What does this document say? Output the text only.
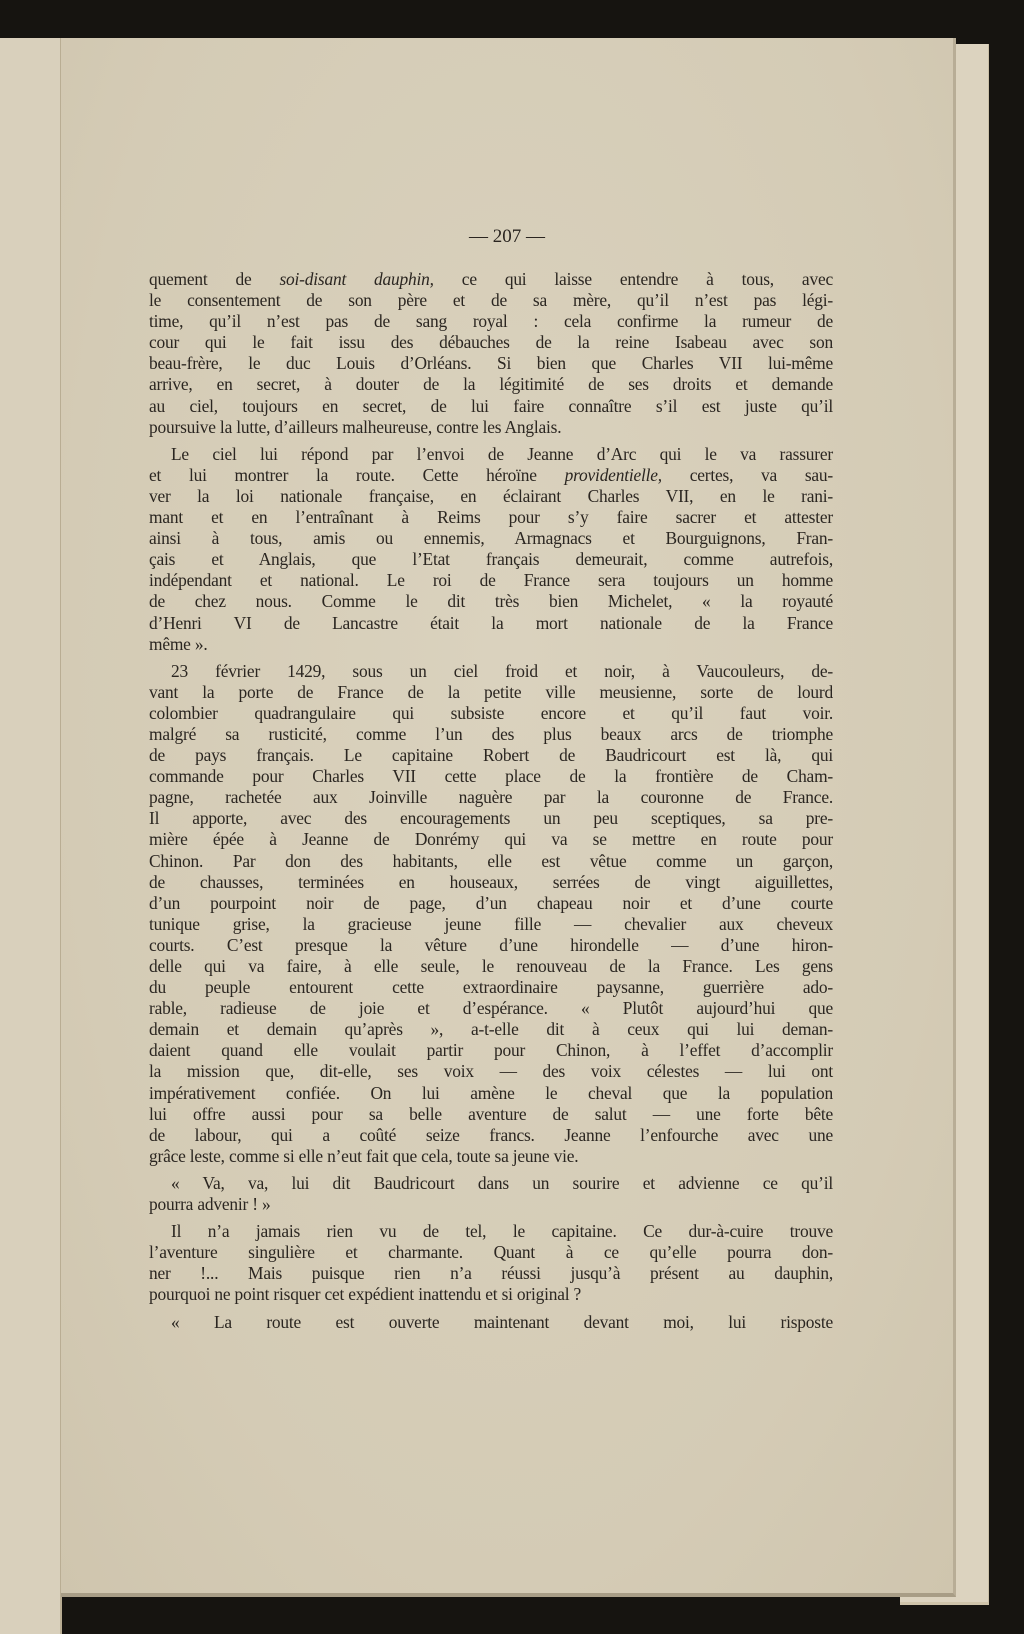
— 207 —
quement de soi-disant dauphin, ce qui laisse entendre à tous, avec
le consentement de son père et de sa mère, qu’il n’est pas légi-
time, qu’il n’est pas de sang royal : cela confirme la rumeur de
cour qui le fait issu des débauches de la reine Isabeau avec son
beau-frère, le duc Louis d’Orléans. Si bien que Charles VII lui-même
arrive, en secret, à douter de la légitimité de ses droits et demande
au ciel, toujours en secret, de lui faire connaître s’il est juste qu’il
poursuive la lutte, d’ailleurs malheureuse, contre les Anglais.
Le ciel lui répond par l’envoi de Jeanne d’Arc qui le va rassurer
et lui montrer la route. Cette héroïne providentielle, certes, va sau-
ver la loi nationale française, en éclairant Charles VII, en le rani-
mant et en l’entraînant à Reims pour s’y faire sacrer et attester
ainsi à tous, amis ou ennemis, Armagnacs et Bourguignons, Fran-
çais et Anglais, que l’Etat français demeurait, comme autrefois,
indépendant et national. Le roi de France sera toujours un homme
de chez nous. Comme le dit très bien Michelet, « la royauté
d’Henri VI de Lancastre était la mort nationale de la France
même ».
23 février 1429, sous un ciel froid et noir, à Vaucouleurs, de-
vant la porte de France de la petite ville meusienne, sorte de lourd
colombier quadrangulaire qui subsiste encore et qu’il faut voir.
malgré sa rusticité, comme l’un des plus beaux arcs de triomphe
de pays français. Le capitaine Robert de Baudricourt est là, qui
commande pour Charles VII cette place de la frontière de Cham-
pagne, rachetée aux Joinville naguère par la couronne de France.
Il apporte, avec des encouragements un peu sceptiques, sa pre-
mière épée à Jeanne de Donrémy qui va se mettre en route pour
Chinon. Par don des habitants, elle est vêtue comme un garçon,
de chausses, terminées en houseaux, serrées de vingt aiguillettes,
d’un pourpoint noir de page, d’un chapeau noir et d’une courte
tunique grise, la gracieuse jeune fille — chevalier aux cheveux
courts. C’est presque la vêture d’une hirondelle — d’une hiron-
delle qui va faire, à elle seule, le renouveau de la France. Les gens
du peuple entourent cette extraordinaire paysanne, guerrière ado-
rable, radieuse de joie et d’espérance. « Plutôt aujourd’hui que
demain et demain qu’après », a-t-elle dit à ceux qui lui deman-
daient quand elle voulait partir pour Chinon, à l’effet d’accomplir
la mission que, dit-elle, ses voix — des voix célestes — lui ont
impérativement confiée. On lui amène le cheval que la population
lui offre aussi pour sa belle aventure de salut — une forte bête
de labour, qui a coûté seize francs. Jeanne l’enfourche avec une
grâce leste, comme si elle n’eut fait que cela, toute sa jeune vie.
« Va, va, lui dit Baudricourt dans un sourire et advienne ce qu’il
pourra advenir ! »
Il n’a jamais rien vu de tel, le capitaine. Ce dur-à-cuire trouve
l’aventure singulière et charmante. Quant à ce qu’elle pourra don-
ner !... Mais puisque rien n’a réussi jusqu’à présent au dauphin,
pourquoi ne point risquer cet expédient inattendu et si original ?
« La route est ouverte maintenant devant moi, lui risposte
